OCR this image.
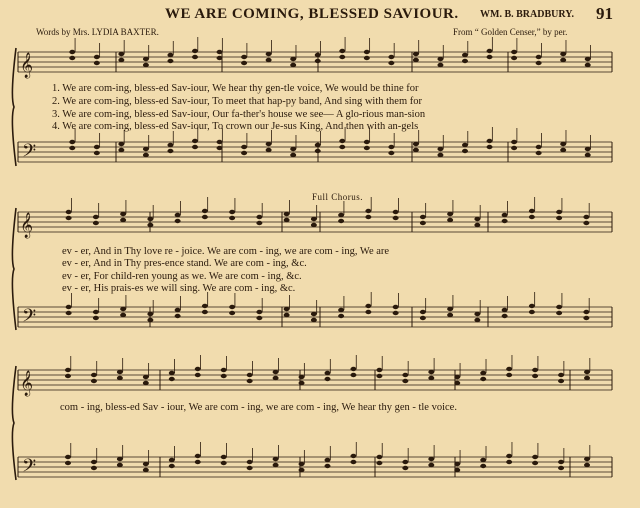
WE ARE COMING, BLESSED SAVIOUR. WM. B. BRADBURY. 91
Words by Mrs. LYDIA BAXTER.	From “ Golden Censer,” by per.
𝄞
𝄢
𝄞
𝄢
𝄞
𝄢
1. We are com-ing, bless-ed Sav-iour, We hear thy gen-tle voice, We would be thine for
2. We are com-ing, bless-ed Sav-iour, To meet that hap-py band, And sing with them for
3. We are com-ing, bless-ed Sav-iour, Our fa-ther's house we see— A glo-rious man-sion
4. We are com-ing, bless-ed Sav-iour, To crown our Je-sus King, And then with an-gels
Full Chorus.
ev - er, And in Thy love re - joice. We are com - ing, we are com - ing, We are
ev - er, And in Thy pres-ence stand. We are com - ing, &c.
ev - er, For child-ren young as we. We are com - ing, &c.
ev - er, His prais-es we will sing. We are com - ing, &c.
com - ing, bless-ed Sav - iour, We are com - ing, we are com - ing, We hear thy gen - tle voice.
